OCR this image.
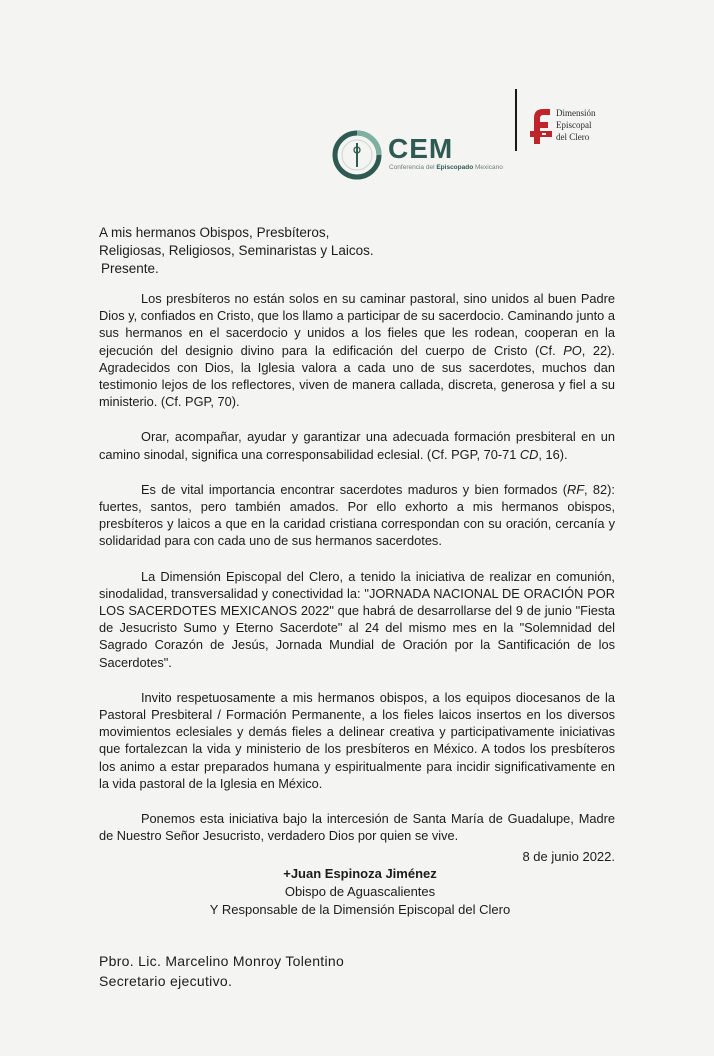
CEM
Conferencia del Episcopado Mexicano
Dimensión
Episcopal
del Clero
A mis hermanos Obispos, Presbíteros,
Religiosas, Religiosos, Seminaristas y Laicos.
Presente.

Los presbíteros no están solos en su caminar pastoral, sino unidos al buen Padre Dios y, confiados en Cristo, que los llamo a participar de su sacerdocio. Caminando junto a sus hermanos en el sacerdocio y unidos a los fieles que les rodean, cooperan en la ejecución del designio divino para la edificación del cuerpo de Cristo (Cf. PO, 22). Agradecidos con Dios, la Iglesia valora a cada uno de sus sacerdotes, muchos dan testimonio lejos de los reflectores, viven de manera callada, discreta, generosa y fiel a su ministerio. (Cf. PGP, 70).

Orar, acompañar, ayudar y garantizar una adecuada formación presbiteral en un camino sinodal, significa una corresponsabilidad eclesial. (Cf. PGP, 70-71 CD, 16).

Es de vital importancia encontrar sacerdotes maduros y bien formados (RF, 82): fuertes, santos, pero también amados. Por ello exhorto a mis hermanos obispos, presbíteros y laicos a que en la caridad cristiana correspondan con su oración, cercanía y solidaridad para con cada uno de sus hermanos sacerdotes.

La Dimensión Episcopal del Clero, a tenido la iniciativa de realizar en comunión, sinodalidad, transversalidad y conectividad la: "JORNADA NACIONAL DE ORACIÓN POR LOS SACERDOTES MEXICANOS 2022" que habrá de desarrollarse del 9 de junio "Fiesta de Jesucristo Sumo y Eterno Sacerdote" al 24 del mismo mes en la "Solemnidad del Sagrado Corazón de Jesús, Jornada Mundial de Oración por la Santificación de los Sacerdotes".

Invito respetuosamente a mis hermanos obispos, a los equipos diocesanos de la Pastoral Presbiteral / Formación Permanente, a los fieles laicos insertos en los diversos movimientos eclesiales y demás fieles a delinear creativa y participativamente iniciativas que fortalezcan la vida y ministerio de los presbíteros en México. A todos los presbíteros los animo a estar preparados humana y espiritualmente para incidir significativamente en la vida pastoral de la Iglesia en México.

Ponemos esta iniciativa bajo la intercesión de Santa María de Guadalupe, Madre de Nuestro Señor Jesucristo, verdadero Dios por quien se vive.

8 de junio 2022.
+Juan Espinoza Jiménez
Obispo de Aguascalientes
Y Responsable de la Dimensión Episcopal del Clero
Pbro. Lic. Marcelino Monroy Tolentino
Secretario ejecutivo.
